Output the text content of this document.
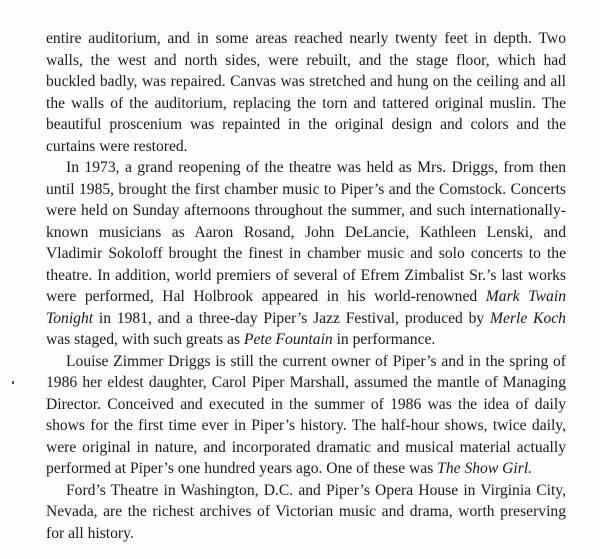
entire auditorium, and in some areas reached nearly twenty feet in depth. Two walls, the west and north sides, were rebuilt, and the stage floor, which had buckled badly, was repaired. Canvas was stretched and hung on the ceiling and all the walls of the auditorium, replacing the torn and tattered original muslin. The beautiful proscenium was repainted in the original design and colors and the curtains were restored.

In 1973, a grand reopening of the theatre was held as Mrs. Driggs, from then until 1985, brought the first chamber music to Piper’s and the Comstock. Concerts were held on Sunday afternoons throughout the summer, and such internationally-known musicians as Aaron Rosand, John DeLancie, Kathleen Lenski, and Vladimir Sokoloff brought the finest in chamber music and solo concerts to the theatre. In addition, world premiers of several of Efrem Zimbalist Sr.’s last works were performed, Hal Holbrook appeared in his world-renowned Mark Twain Tonight in 1981, and a three-day Piper’s Jazz Festival, produced by Merle Koch was staged, with such greats as Pete Fountain in performance.

Louise Zimmer Driggs is still the current owner of Piper’s and in the spring of 1986 her eldest daughter, Carol Piper Marshall, assumed the mantle of Managing Director. Conceived and executed in the summer of 1986 was the idea of daily shows for the first time ever in Piper’s history. The half-hour shows, twice daily, were original in nature, and incorporated dramatic and musical material actually performed at Piper’s one hundred years ago. One of these was The Show Girl.

Ford’s Theatre in Washington, D.C. and Piper’s Opera House in Virginia City, Nevada, are the richest archives of Victorian music and drama, worth preserving for all history.
